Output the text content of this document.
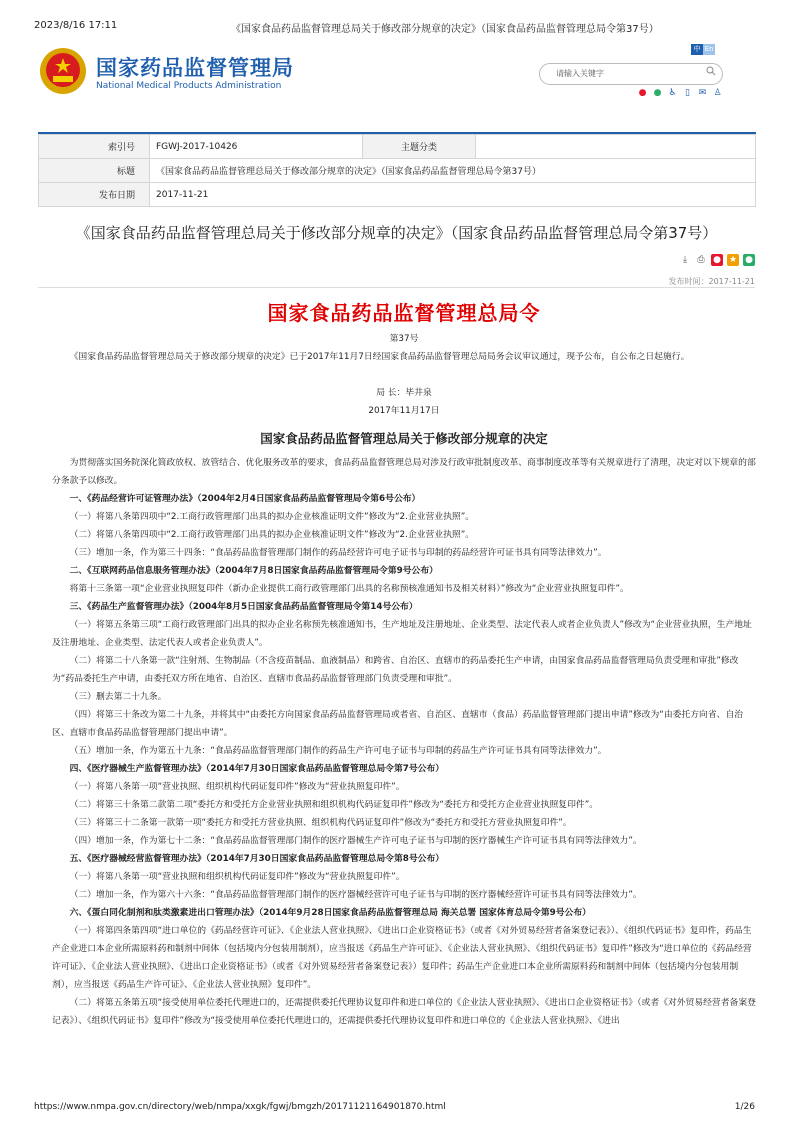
2023/8/16 17:11	《国家食品药品监督管理总局关于修改部分规章的决定》（国家食品药品监督管理总局令第37号）
国家药品监督管理局
National Medical Products Administration
中 En
请输入关键字
● ● ♿ ▯ ✉ ♙
索引号	FGWJ-2017-10426	主题分类	
标题	《国家食品药品监督管理总局关于修改部分规章的决定》（国家食品药品监督管理总局令第37号）		
发布日期	2017-11-21		
《国家食品药品监督管理总局关于修改部分规章的决定》（国家食品药品监督管理总局令第37号）
⤓	⎙ ● ★ ●
发布时间：2017-11-21
国家食品药品监督管理总局令
第37号

《国家食品药品监督管理总局关于修改部分规章的决定》已于2017年11月7日经国家食品药品监督管理总局局务会议审议通过，现予公布，自公布之日起施行。

局 长：毕井泉
2017年11月17日
国家食品药品监督管理总局关于修改部分规章的决定

为贯彻落实国务院深化简政放权、放管结合、优化服务改革的要求，食品药品监督管理总局对涉及行政审批制度改革、商事制度改革等有关规章进行了清理，决定对以下规章的部分条款予以修改。

一、《药品经营许可证管理办法》（2004年2月4日国家食品药品监督管理局令第6号公布）

（一）将第八条第四项中“2.工商行政管理部门出具的拟办企业核准证明文件”修改为“2.企业营业执照”。

（二）将第八条第四项中“2.工商行政管理部门出具的拟办企业核准证明文件”修改为“2.企业营业执照”。

（三）增加一条，作为第三十四条：“食品药品监督管理部门制作的药品经营许可电子证书与印制的药品经营许可证书具有同等法律效力”。

二、《互联网药品信息服务管理办法》（2004年7月8日国家食品药品监督管理局令第9号公布）

将第十三条第一项“企业营业执照复印件（新办企业提供工商行政管理部门出具的名称预核准通知书及相关材料）”修改为“企业营业执照复印件”。

三、《药品生产监督管理办法》（2004年8月5日国家食品药品监督管理局令第14号公布）

（一）将第五条第三项“工商行政管理部门出具的拟办企业名称预先核准通知书，生产地址及注册地址、企业类型、法定代表人或者企业负责人”修改为“企业营业执照，生产地址及注册地址、企业类型、法定代表人或者企业负责人”。

（二）将第二十八条第一款“注射剂、生物制品（不含疫苗制品、血液制品）和跨省、自治区、直辖市的药品委托生产申请，由国家食品药品监督管理局负责受理和审批”修改为“药品委托生产申请，由委托双方所在地省、自治区、直辖市食品药品监督管理部门负责受理和审批”。

（三）删去第二十九条。

（四）将第三十条改为第二十九条，并将其中“由委托方向国家食品药品监督管理局或者省、自治区、直辖市（食品）药品监督管理部门提出申请”修改为“由委托方向省、自治区、直辖市食品药品监督管理部门提出申请”。

（五）增加一条，作为第五十九条：“食品药品监督管理部门制作的药品生产许可电子证书与印制的药品生产许可证书具有同等法律效力”。

四、《医疗器械生产监督管理办法》（2014年7月30日国家食品药品监督管理总局令第7号公布）

（一）将第八条第一项“营业执照、组织机构代码证复印件”修改为“营业执照复印件”。

（二）将第三十条第二款第二项“委托方和受托方企业营业执照和组织机构代码证复印件”修改为“委托方和受托方企业营业执照复印件”。

（三）将第三十二条第一款第一项“委托方和受托方营业执照、组织机构代码证复印件”修改为“委托方和受托方营业执照复印件”。

（四）增加一条，作为第七十二条：“食品药品监督管理部门制作的医疗器械生产许可电子证书与印制的医疗器械生产许可证书具有同等法律效力”。

五、《医疗器械经营监督管理办法》（2014年7月30日国家食品药品监督管理总局令第8号公布）

（一）将第八条第一项“营业执照和组织机构代码证复印件”修改为“营业执照复印件”。

（二）增加一条，作为第六十六条：“食品药品监督管理部门制作的医疗器械经营许可电子证书与印制的医疗器械经营许可证书具有同等法律效力”。

六、《蛋白同化制剂和肽类激素进出口管理办法》（2014年9月28日国家食品药品监督管理总局 海关总署 国家体育总局令第9号公布）

（一）将第四条第四项“进口单位的《药品经营许可证》、《企业法人营业执照》、《进出口企业资格证书》（或者《对外贸易经营者备案登记表》）、《组织代码证书》复印件，药品生产企业进口本企业所需原料药和制剂中间体（包括境内分包装用制剂），应当报送《药品生产许可证》、《企业法人营业执照》、《组织代码证书》复印件”修改为“进口单位的《药品经营许可证》、《企业法人营业执照》、《进出口企业资格证书》（或者《对外贸易经营者备案登记表》）复印件；药品生产企业进口本企业所需原料药和制剂中间体（包括境内分包装用制剂），应当报送《药品生产许可证》、《企业法人营业执照》复印件”。

（二）将第五条第五项“接受使用单位委托代理进口的，还需提供委托代理协议复印件和进口单位的《企业法人营业执照》、《进出口企业资格证书》（或者《对外贸易经营者备案登记表》）、《组织代码证书》复印件”修改为“接受使用单位委托代理进口的，还需提供委托代理协议复印件和进口单位的《企业法人营业执照》、《进出

https://www.nmpa.gov.cn/directory/web/nmpa/xxgk/fgwj/bmgzh/20171121164901870.html	1/26
